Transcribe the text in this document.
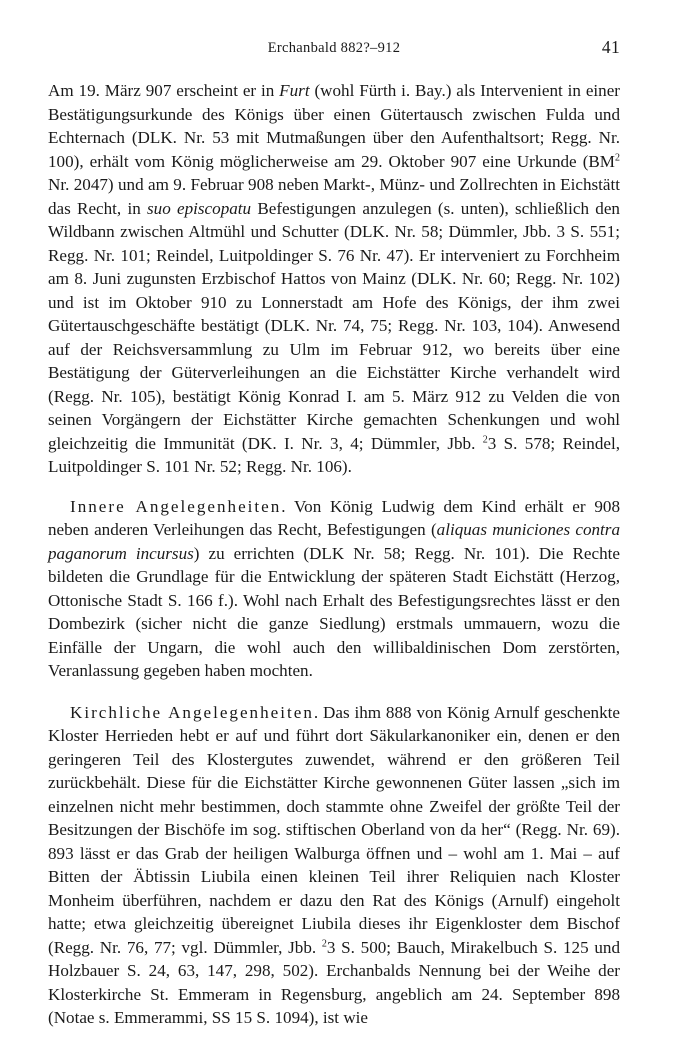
Erchanbald 882?–912	41

Am 19. März 907 erscheint er in Furt (wohl Fürth i. Bay.) als Intervenient in einer Bestätigungsurkunde des Königs über einen Gütertausch zwischen Fulda und Echternach (DLK. Nr. 53 mit Mutmaßungen über den Aufenthaltsort; Regg. Nr. 100), erhält vom König möglicherweise am 29. Oktober 907 eine Urkunde ($BM^2$ Nr. 2047) und am 9. Februar 908 neben Markt-, Münz- und Zollrechten in Eichstätt das Recht, in suo episcopatu Befestigungen anzulegen (s. unten), schließlich den Wildbann zwischen Altmühl und Schutter (DLK. Nr. 58; Dümmler, Jbb. 3 S. 551; Regg. Nr. 101; Reindel, Luitpoldinger S. 76 Nr. 47). Er interveniert zu Forchheim am 8. Juni zugunsten Erzbischof Hattos von Mainz (DLK. Nr. 60; Regg. Nr. 102) und ist im Oktober 910 zu Lonnerstadt am Hofe des Königs, der ihm zwei Gütertauschgeschäfte bestätigt (DLK. Nr. 74, 75; Regg. Nr. 103, 104). Anwesend auf der Reichsversammlung zu Ulm im Februar 912, wo bereits über eine Bestätigung der Güterverleihungen an die Eichstätter Kirche verhandelt wird (Regg. Nr. 105), bestätigt König Konrad I. am 5. März 912 zu Velden die von seinen Vorgängern der Eichstätter Kirche gemachten Schenkungen und wohl gleichzeitig die Immunität (DK. I. Nr. 3, 4; Dümmler, Jbb. $^2$3 S. 578; Reindel, Luitpoldinger S. 101 Nr. 52; Regg. Nr. 106).

Innere Angelegenheiten. Von König Ludwig dem Kind erhält er 908 neben anderen Verleihungen das Recht, Befestigungen (aliquas municiones contra paganorum incursus) zu errichten (DLK Nr. 58; Regg. Nr. 101). Die Rechte bildeten die Grundlage für die Entwicklung der späteren Stadt Eichstätt (Herzog, Ottonische Stadt S. 166 f.). Wohl nach Erhalt des Befestigungsrechtes lässt er den Dombezirk (sicher nicht die ganze Siedlung) erstmals ummauern, wozu die Einfälle der Ungarn, die wohl auch den willibaldinischen Dom zerstörten, Veranlassung gegeben haben mochten.

Kirchliche Angelegenheiten. Das ihm 888 von König Arnulf geschenkte Kloster Herrieden hebt er auf und führt dort Säkularkanoniker ein, denen er den geringeren Teil des Klostergutes zuwendet, während er den größeren Teil zurückbehält. Diese für die Eichstätter Kirche gewonnenen Güter lassen „sich im einzelnen nicht mehr bestimmen, doch stammte ohne Zweifel der größte Teil der Besitzungen der Bischöfe im sog. stiftischen Oberland von da her“ (Regg. Nr. 69). 893 lässt er das Grab der heiligen Walburga öffnen und – wohl am 1. Mai – auf Bitten der Äbtissin Liubila einen kleinen Teil ihrer Reliquien nach Kloster Monheim überführen, nachdem er dazu den Rat des Königs (Arnulf) eingeholt hatte; etwa gleichzeitig übereignet Liubila dieses ihr Eigenkloster dem Bischof (Regg. Nr. 76, 77; vgl. Dümmler, Jbb. $^2$3 S. 500; Bauch, Mirakelbuch S. 125 und Holzbauer S. 24, 63, 147, 298, 502). Erchanbalds Nennung bei der Weihe der Klosterkirche St. Emmeram in Regensburg, angeblich am 24. September 898 (Notae s. Emmerammi, SS 15 S. 1094), ist wie
